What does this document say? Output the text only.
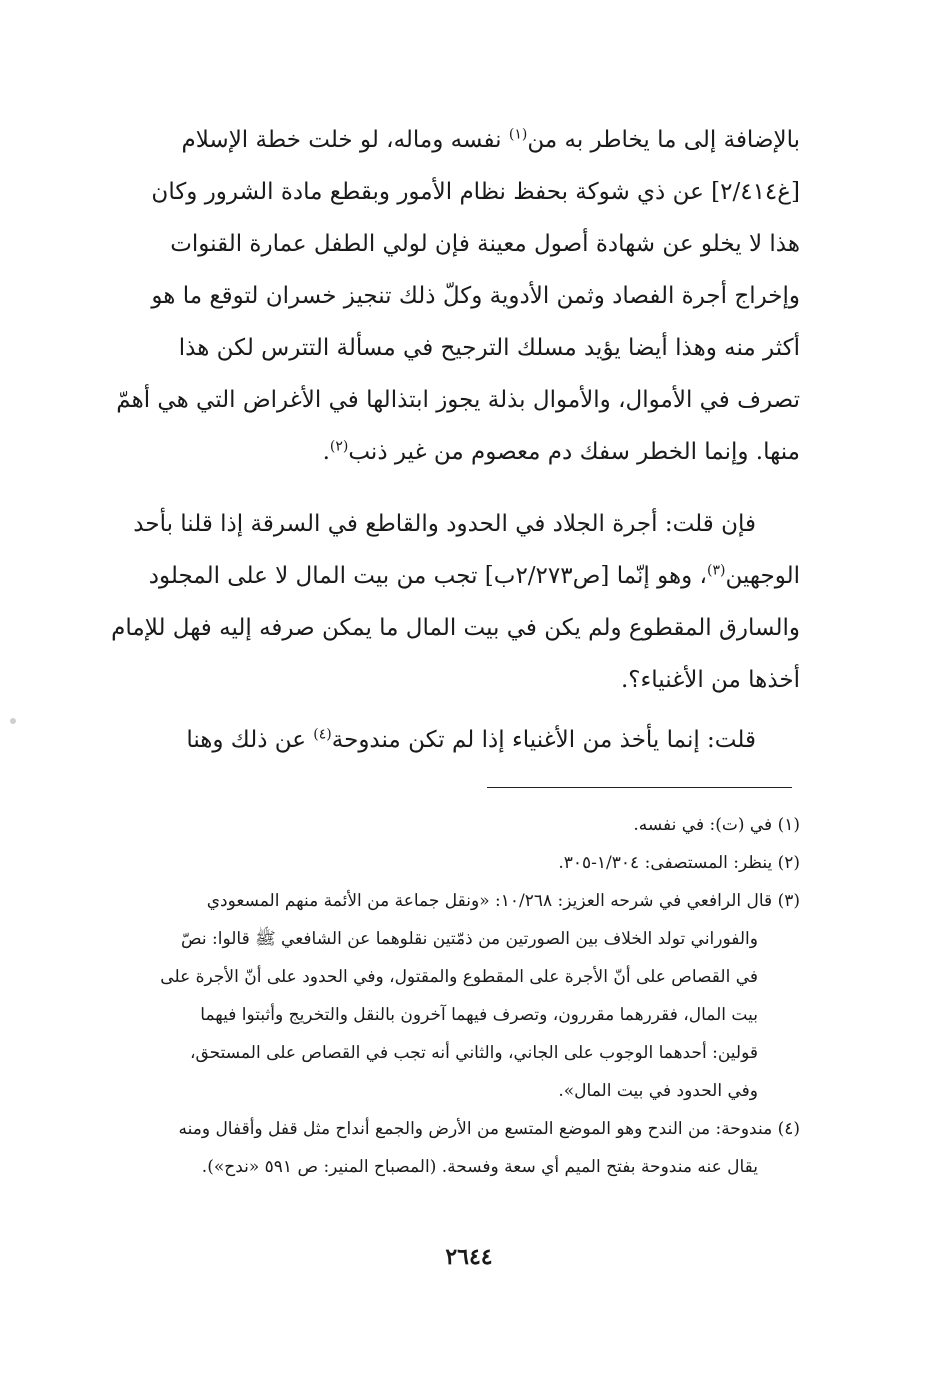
بالإضافة إلى ما يخاطر به من$^{(١)}$ نفسه وماله، لو خلت خطة الإسلام
[غ٢/٤١٤] عن ذي شوكة بحفظ نظام الأمور وبقطع مادة الشرور وكان
هذا لا يخلو عن شهادة أصول معينة فإن لولي الطفل عمارة القنوات
وإخراج أجرة الفصاد وثمن الأدوية وكلّ ذلك تنجيز خسران لتوقع ما هو
أكثر منه وهذا أيضا يؤيد مسلك الترجيح في مسألة التترس لكن هذا
تصرف في الأموال، والأموال بذلة يجوز ابتذالها في الأغراض التي هي أهمّ
منها. وإنما الخطر سفك دم معصوم من غير ذنب$^{(٢)}$.
فإن قلت: أجرة الجلاد في الحدود والقاطع في السرقة إذا قلنا بأحد
الوجهين$^{(٣)}$، وهو إنّما [ص٢/٢٧٣ب] تجب من بيت المال لا على المجلود
والسارق المقطوع ولم يكن في بيت المال ما يمكن صرفه إليه فهل للإمام
أخذها من الأغنياء؟.
قلت: إنما يأخذ من الأغنياء إذا لم تكن مندوحة$^{(٤)}$ عن ذلك وهنا
(١) في (ت): في نفسه.
(٢) ينظر: المستصفى: ١/٣٠٤-٣٠٥.
(٣) قال الرافعي في شرحه العزيز: ١٠/٢٦٨: «ونقل جماعة من الأئمة منهم المسعودي
والفوراني تولد الخلاف بين الصورتين من ذمّتين نقلوهما عن الشافعي ﷺ قالوا: نصّ
في القصاص على أنّ الأجرة على المقطوع والمقتول، وفي الحدود على أنّ الأجرة على
بيت المال، فقررهما مقررون، وتصرف فيهما آخرون بالنقل والتخريج وأثبتوا فيهما
قولين: أحدهما الوجوب على الجاني، والثاني أنه تجب في القصاص على المستحق،
وفي الحدود في بيت المال».
(٤) مندوحة: من الندح وهو الموضع المتسع من الأرض والجمع أنداح مثل قفل وأقفال ومنه
يقال عنه مندوحة بفتح الميم أي سعة وفسحة. (المصباح المنير: ص ٥٩١ «ندح»).
٢٦٤٤
